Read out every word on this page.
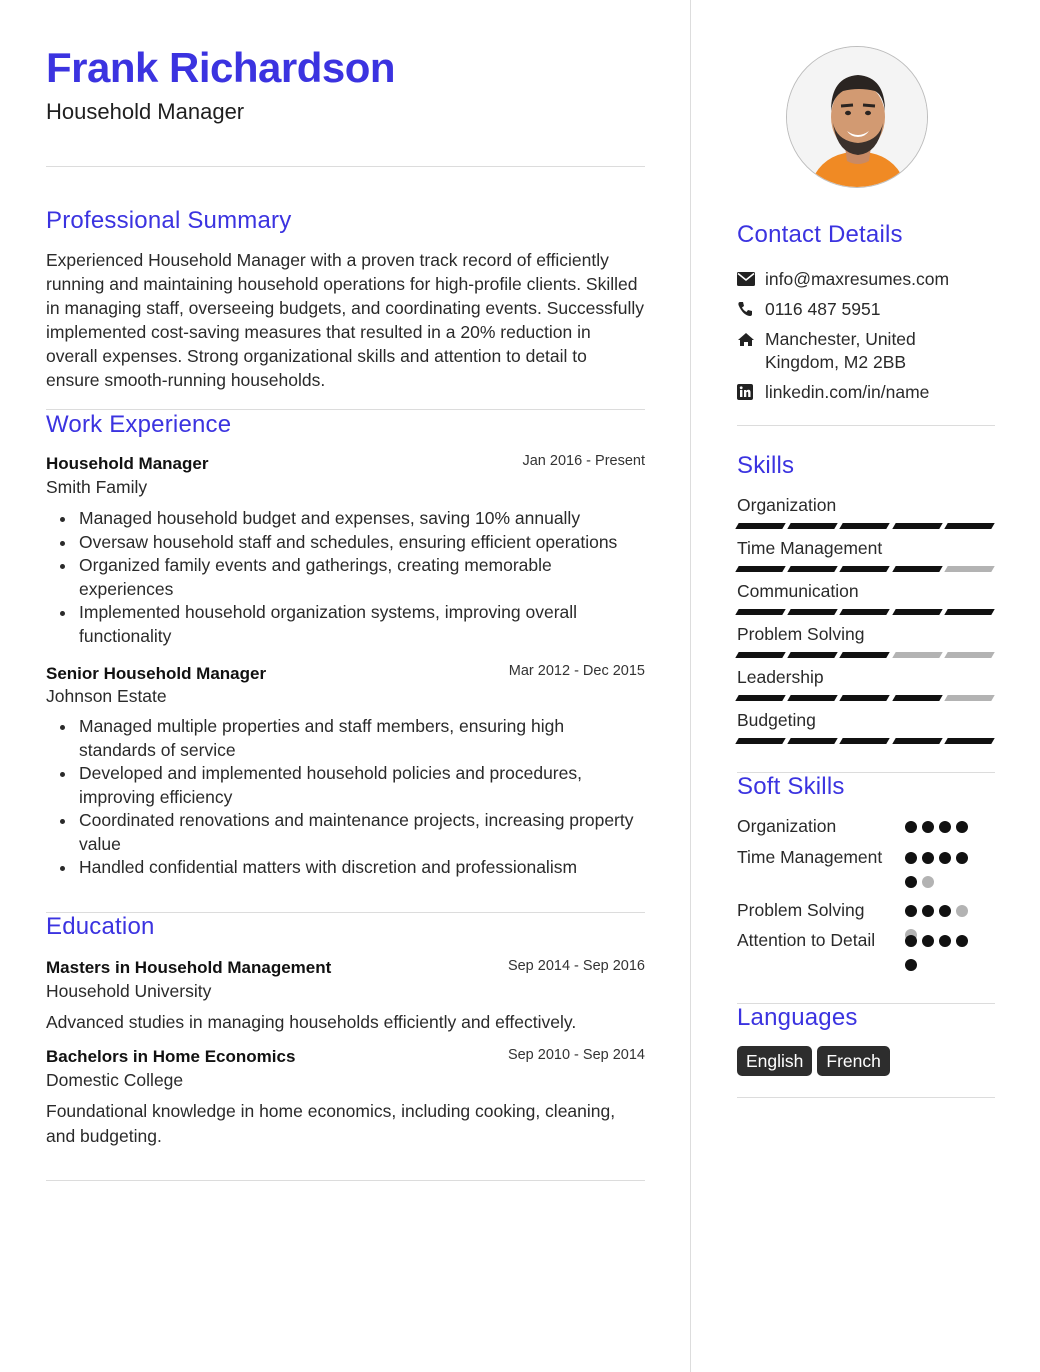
Frank Richardson
Household Manager
Professional Summary
Experienced Household Manager with a proven track record of efficiently running and maintaining household operations for high-profile clients. Skilled in managing staff, overseeing budgets, and coordinating events. Successfully implemented cost-saving measures that resulted in a 20% reduction in overall expenses. Strong organizational skills and attention to detail to ensure smooth-running households.
Work Experience
Household Manager	Jan 2016 - Present
Smith Family
Managed household budget and expenses, saving 10% annually
Oversaw household staff and schedules, ensuring efficient operations
Organized family events and gatherings, creating memorable experiences
Implemented household organization systems, improving overall functionality
Senior Household Manager	Mar 2012 - Dec 2015
Johnson Estate
Managed multiple properties and staff members, ensuring high standards of service
Developed and implemented household policies and procedures, improving efficiency
Coordinated renovations and maintenance projects, increasing property value
Handled confidential matters with discretion and professionalism
Education
Masters in Household Management	Sep 2014 - Sep 2016
Household University
Advanced studies in managing households efficiently and effectively.
Bachelors in Home Economics	Sep 2010 - Sep 2014
Domestic College
Foundational knowledge in home economics, including cooking, cleaning, and budgeting.
Contact Details
info@maxresumes.com
0116 487 5951
Manchester, United Kingdom, M2 2BB
linkedin.com/in/name
Skills
Organization
Time Management
Communication
Problem Solving
Leadership
Budgeting
Soft Skills
Organization
Time Management
Problem Solving
Attention to Detail
Languages
English	French
